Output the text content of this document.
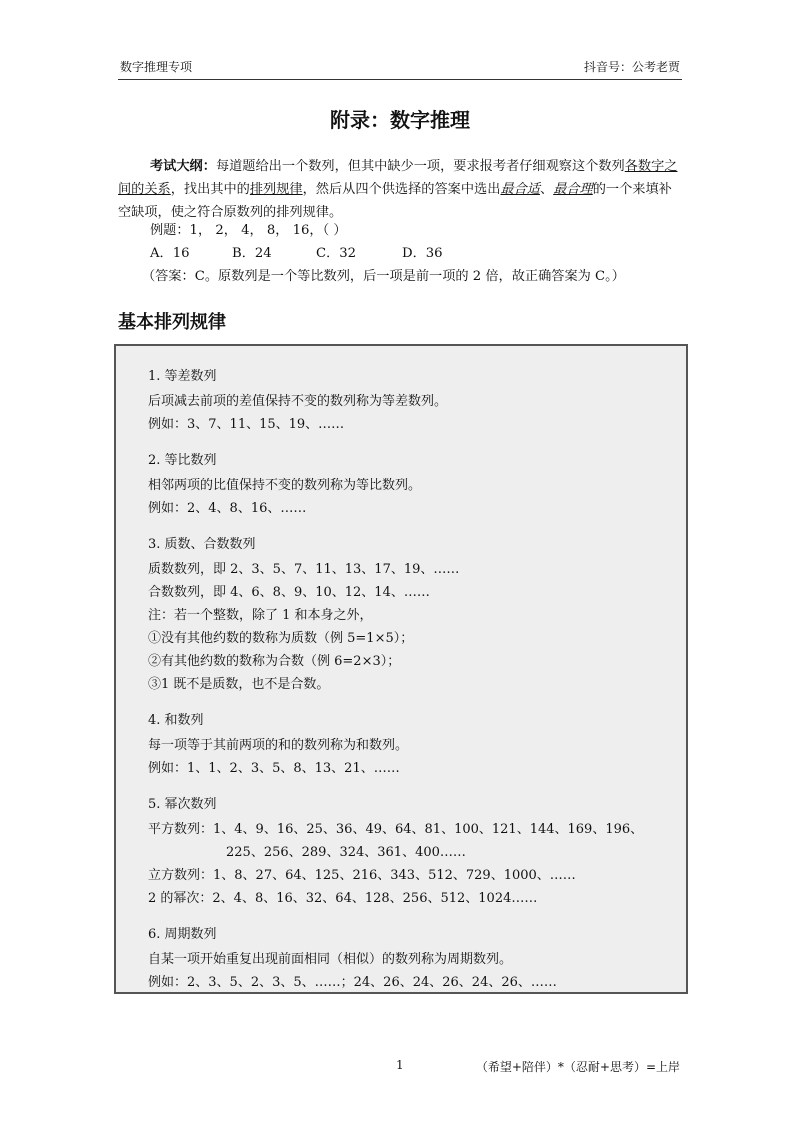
数字推理专项	抖音号：公考老贾
附录：数字推理

考试大纲：每道题给出一个数列，但其中缺少一项，要求报考者仔细观察这个数列各数字之间的关系，找出其中的排列规律，然后从四个供选择的答案中选出最合适、最合理的一个来填补空缺项，使之符合原数列的排列规律。

例题：1， 2， 4， 8， 16，（ ）
A．16	B．24	C．32	D．36
（答案：C。原数列是一个等比数列，后一项是前一项的 2 倍，故正确答案为 C。）
基本排列规律
1. 等差数列
后项减去前项的差值保持不变的数列称为等差数列。
例如：3、7、11、15、19、……
2. 等比数列
相邻两项的比值保持不变的数列称为等比数列。
例如：2、4、8、16、……
3. 质数、合数数列
质数数列，即 2、3、5、7、11、13、17、19、……
合数数列，即 4、6、8、9、10、12、14、……
注：若一个整数，除了 1 和本身之外，
①没有其他约数的数称为质数（例 5=1×5）；
②有其他约数的数称为合数（例 6=2×3）；
③1 既不是质数，也不是合数。
4. 和数列
每一项等于其前两项的和的数列称为和数列。
例如：1、1、2、3、5、8、13、21、……
5. 幂次数列
平方数列：1、4、9、16、25、36、49、64、81、100、121、144、169、196、
225、256、289、324、361、400……
立方数列：1、8、27、64、125、216、343、512、729、1000、……
2 的幂次：2、4、8、16、32、64、128、256、512、1024……
6. 周期数列
自某一项开始重复出现前面相同（相似）的数列称为周期数列。
例如：2、3、5、2、3、5、……；24、26、24、26、24、26、……
1	（希望+陪伴）*（忍耐+思考）=上岸
